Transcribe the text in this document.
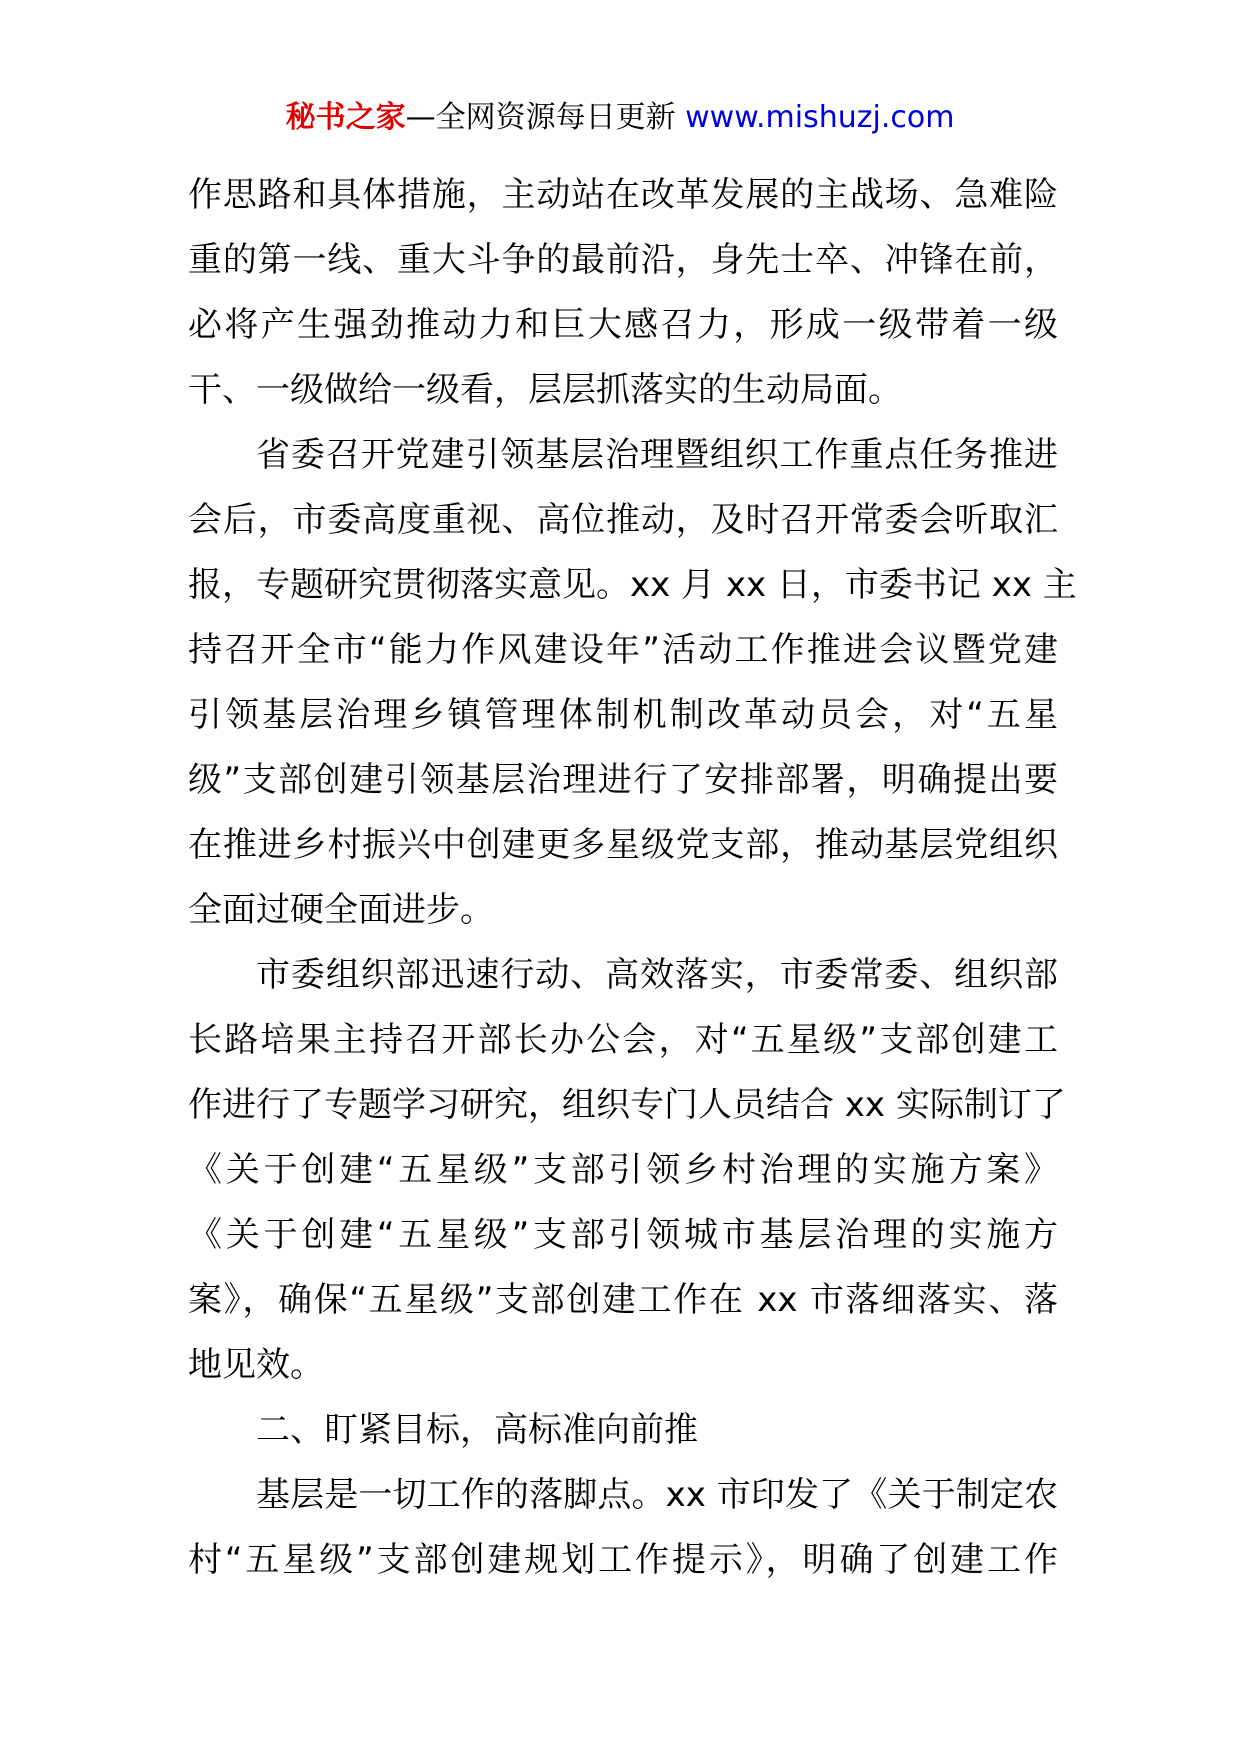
秘书之家—全网资源每日更新 www.mishuzj.com
作思路和具体措施，主动站在改革发展的主战场、急难险
重的第一线、重大斗争的最前沿，身先士卒、冲锋在前，
必将产生强劲推动力和巨大感召力，形成一级带着一级
干、一级做给一级看，层层抓落实的生动局面。
省委召开党建引领基层治理暨组织工作重点任务推进
会后，市委高度重视、高位推动，及时召开常委会听取汇
报，专题研究贯彻落实意见。xx 月 xx 日，市委书记 xx 主
持召开全市“能力作风建设年”活动工作推进会议暨党建
引领基层治理乡镇管理体制机制改革动员会，对“五星
级”支部创建引领基层治理进行了安排部署，明确提出要
在推进乡村振兴中创建更多星级党支部，推动基层党组织
全面过硬全面进步。
市委组织部迅速行动、高效落实，市委常委、组织部
长路培果主持召开部长办公会，对“五星级”支部创建工
作进行了专题学习研究，组织专门人员结合 xx 实际制订了
《关于创建“五星级”支部引领乡村治理的实施方案》
《关于创建“五星级”支部引领城市基层治理的实施方
案》，确保“五星级”支部创建工作在 xx 市落细落实、落
地见效。
二、盯紧目标，高标准向前推
基层是一切工作的落脚点。xx 市印发了《关于制定农
村“五星级”支部创建规划工作提示》，明确了创建工作
